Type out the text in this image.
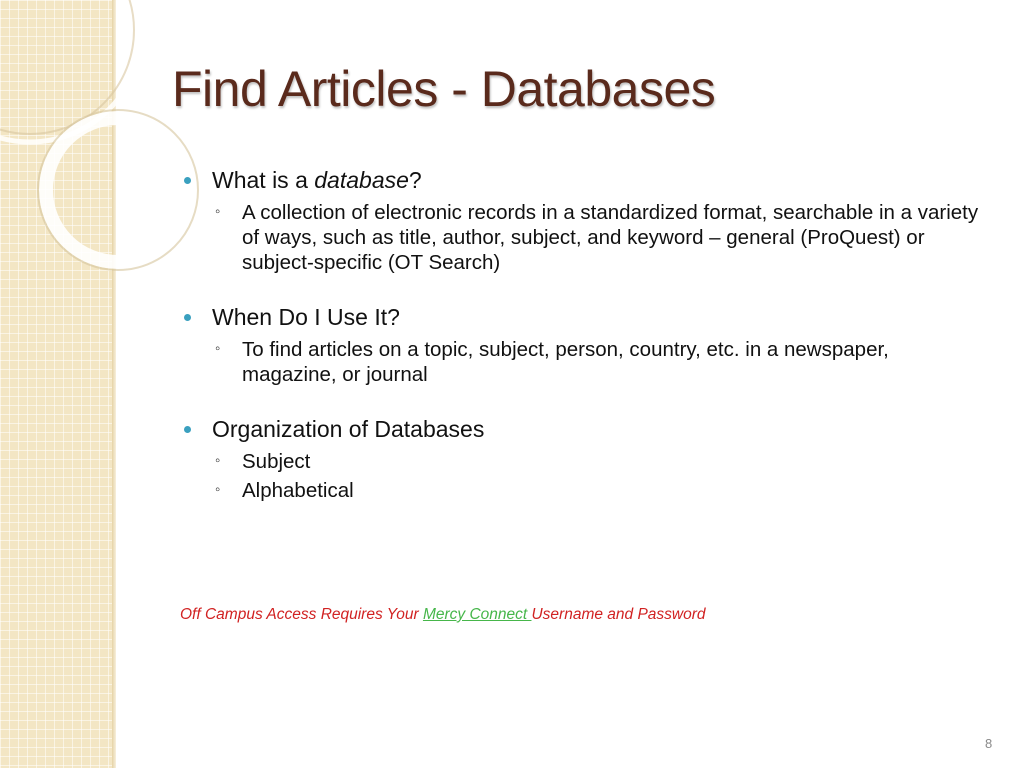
Find Articles - Databases

What is a database?

◦ A collection of electronic records in a standardized format, searchable in a variety of ways, such as title, author, subject, and keyword – general (ProQuest) or subject-specific (OT Search)

When Do I Use It?

◦ To find articles on a topic, subject, person, country, etc. in a newspaper, magazine, or journal

Organization of Databases

◦ Subject

◦ Alphabetical

Off Campus Access Requires Your Mercy Connect Username and Password
8
